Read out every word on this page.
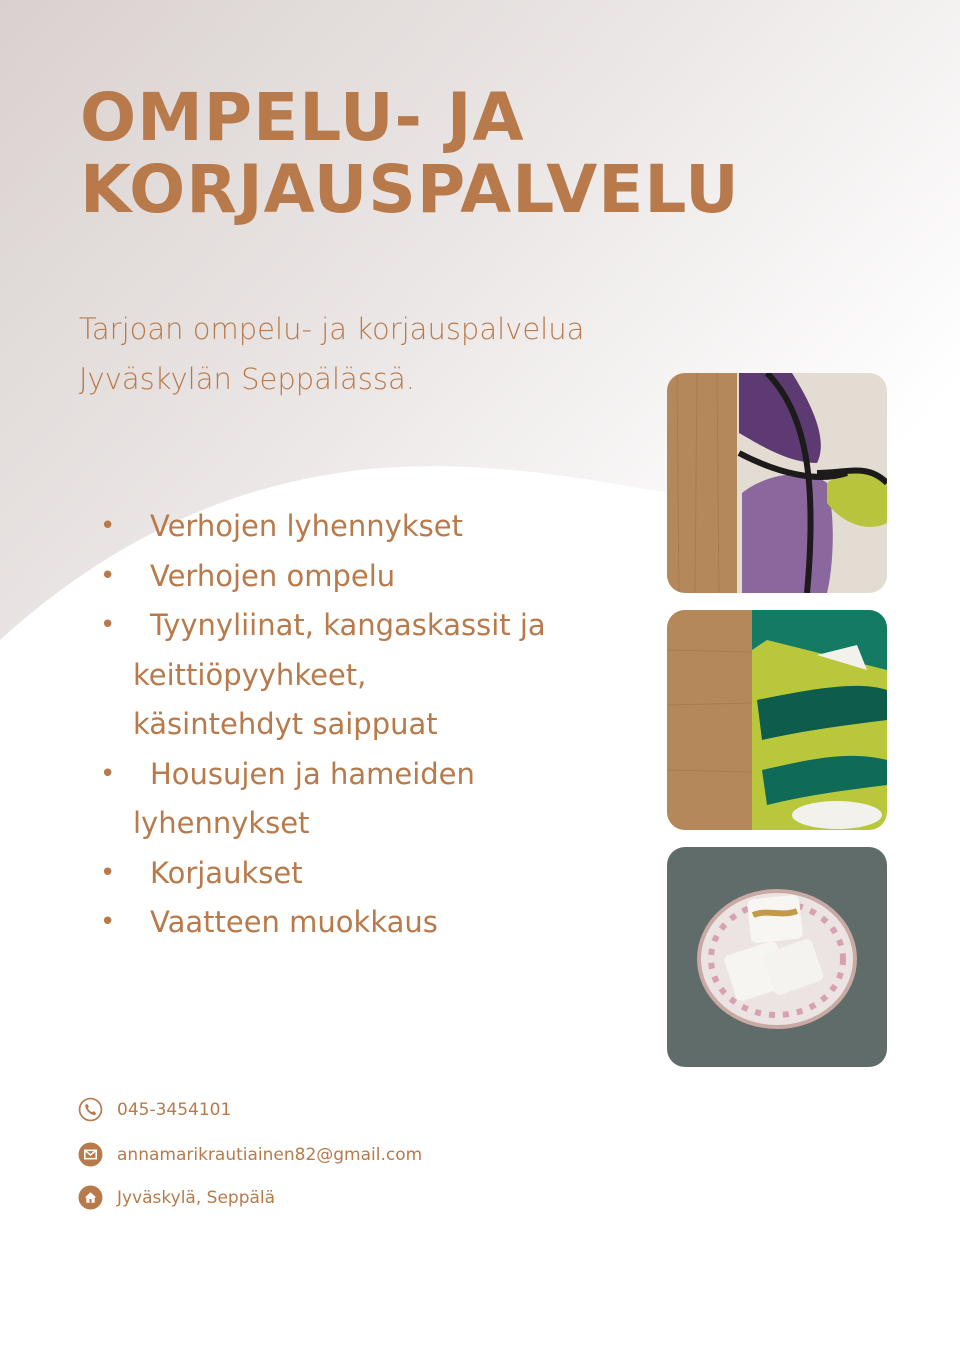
OMPELU- JA
KORJAUSPALVELU

Tarjoan ompelu- ja korjauspalvelua Jyväskylän Seppälässä.

• Verhojen lyhennykset
• Verhojen ompelu
• Tyynyliinat, kangaskassit ja
keittiöpyyhkeet,
käsintehdyt saippuat
• Housujen ja hameiden
lyhennykset
• Korjaukset
• Vaatteen muokkaus
045-3454101
annamarikrautiainen82@gmail.com
Jyväskylä, Seppälä
